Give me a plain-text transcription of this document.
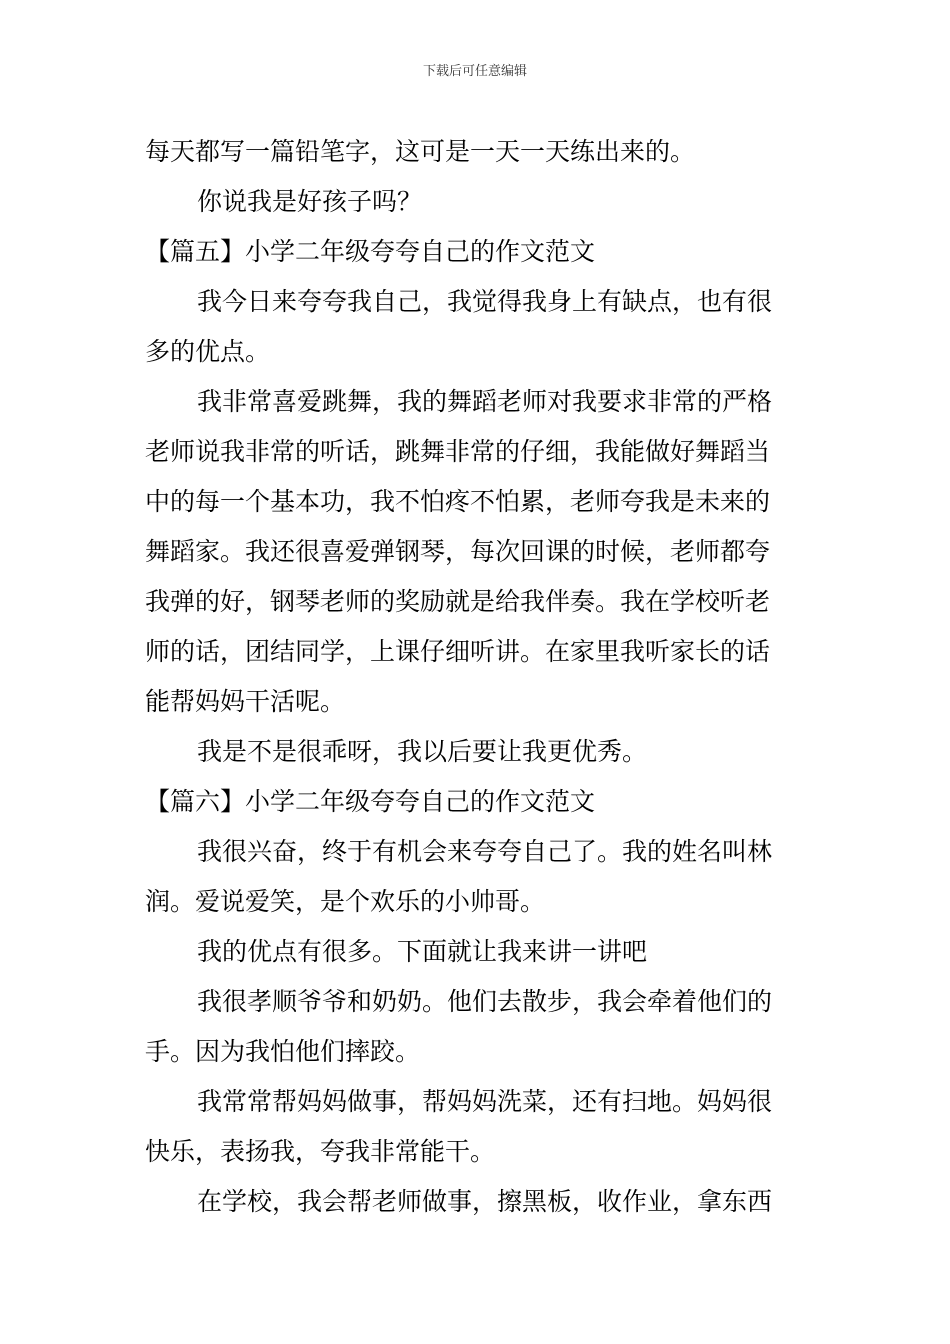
下载后可任意编辑
每天都写一篇铅笔字，这可是一天一天练出来的。
你说我是好孩子吗？
【篇五】小学二年级夸夸自己的作文范文
我今日来夸夸我自己，我觉得我身上有缺点，也有很
多的优点。
我非常喜爱跳舞，我的舞蹈老师对我要求非常的严格
老师说我非常的听话，跳舞非常的仔细，我能做好舞蹈当
中的每一个基本功，我不怕疼不怕累，老师夸我是未来的
舞蹈家。我还很喜爱弹钢琴，每次回课的时候，老师都夸
我弹的好，钢琴老师的奖励就是给我伴奏。我在学校听老
师的话，团结同学，上课仔细听讲。在家里我听家长的话
能帮妈妈干活呢。
我是不是很乖呀，我以后要让我更优秀。
【篇六】小学二年级夸夸自己的作文范文
我很兴奋，终于有机会来夸夸自己了。我的姓名叫林
润。爱说爱笑，是个欢乐的小帅哥。
我的优点有很多。下面就让我来讲一讲吧
我很孝顺爷爷和奶奶。他们去散步，我会牵着他们的
手。因为我怕他们摔跤。
我常常帮妈妈做事，帮妈妈洗菜，还有扫地。妈妈很
快乐，表扬我，夸我非常能干。
在学校，我会帮老师做事，擦黑板，收作业，拿东西
